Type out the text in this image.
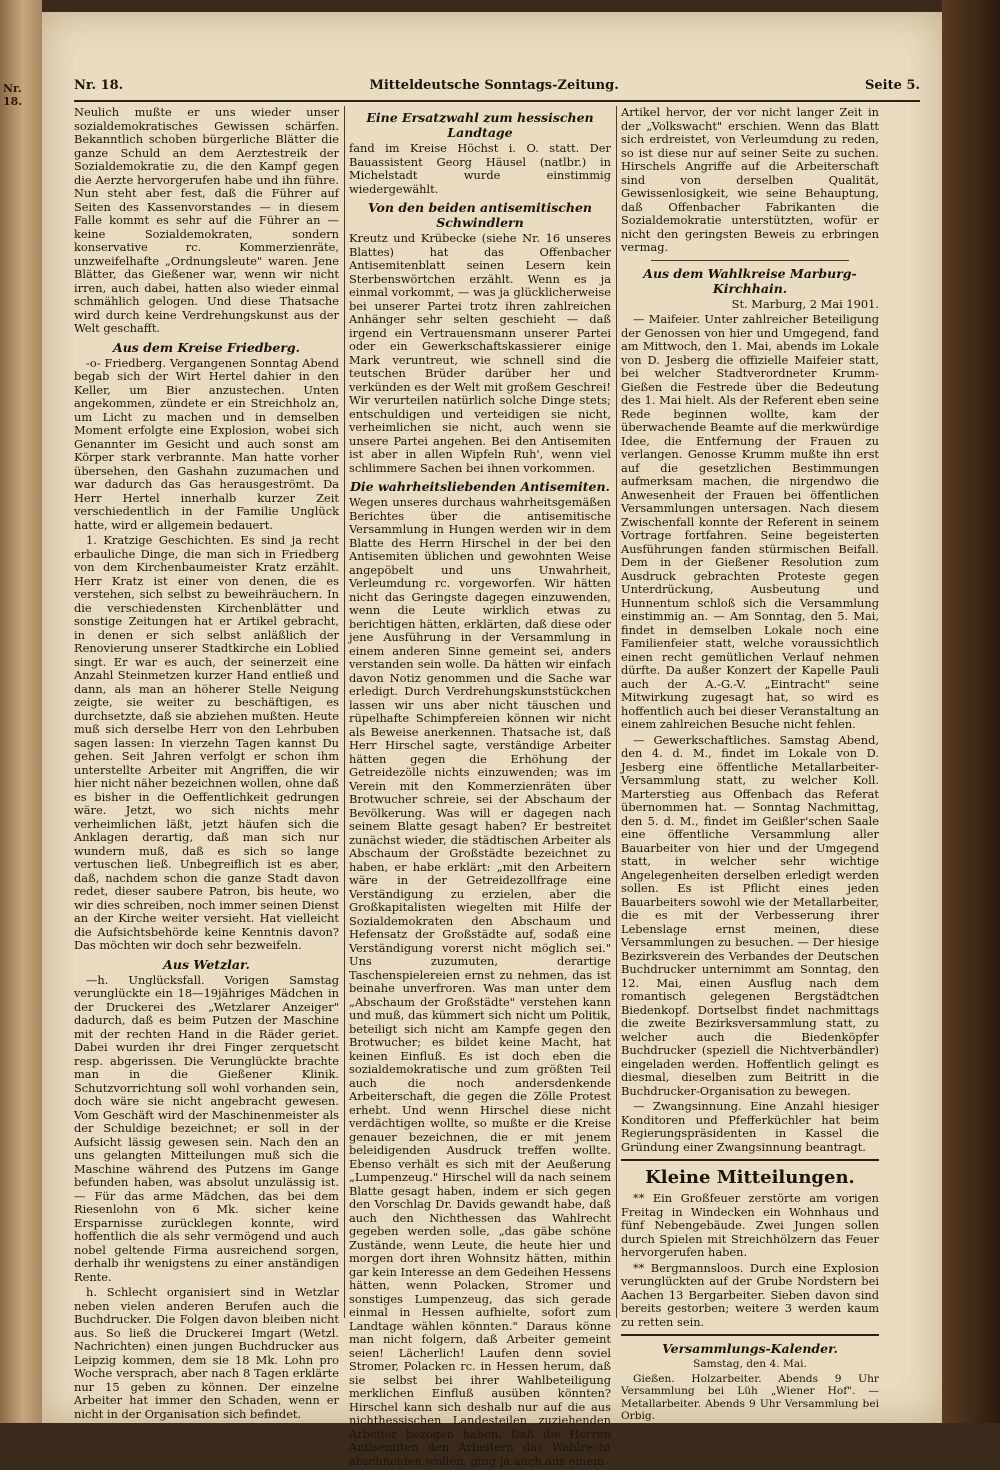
Nr. 18.
Nr. 18.	Mitteldeutsche Sonntags-Zeitung.	Seite 5.

Neulich mußte er uns wieder unser sozialdemokratisches Gewissen schärfen. Bekanntlich schoben bürgerliche Blätter die ganze Schuld an dem Aerztestreik der Sozialdemokratie zu, die den Kampf gegen die Aerzte hervorgerufen habe und ihn führe. Nun steht aber fest, daß die Führer auf Seiten des Kassenvorstandes — in diesem Falle kommt es sehr auf die Führer an — keine Sozialdemokraten, sondern konservative rc. Kommerzienräte, unzweifelhafte „Ordnungsleute" waren. Jene Blätter, das Gießener war, wenn wir nicht irren, auch dabei, hatten also wieder einmal schmählich gelogen. Und diese Thatsache wird durch keine Verdrehungskunst aus der Welt geschafft.

Aus dem Kreise Friedberg.

-o- Friedberg. Vergangenen Sonntag Abend begab sich der Wirt Hertel dahier in den Keller, um Bier anzustechen. Unten angekommen, zündete er ein Streichholz an, um Licht zu machen und in demselben Moment erfolgte eine Explosion, wobei sich Genannter im Gesicht und auch sonst am Körper stark verbrannte. Man hatte vorher übersehen, den Gashahn zuzumachen und war dadurch das Gas herausgeströmt. Da Herr Hertel innerhalb kurzer Zeit verschiedentlich in der Familie Unglück hatte, wird er allgemein bedauert.

1. Kratzige Geschichten. Es sind ja recht erbauliche Dinge, die man sich in Friedberg von dem Kirchenbaumeister Kratz erzählt. Herr Kratz ist einer von denen, die es verstehen, sich selbst zu beweihräuchern. In die verschiedensten Kirchenblätter und sonstige Zeitungen hat er Artikel gebracht, in denen er sich selbst anläßlich der Renovierung unserer Stadtkirche ein Loblied singt. Er war es auch, der seinerzeit eine Anzahl Steinmetzen kurzer Hand entließ und dann, als man an höherer Stelle Neigung zeigte, sie weiter zu beschäftigen, es durchsetzte, daß sie abziehen mußten. Heute muß sich derselbe Herr von den Lehrbuben sagen lassen: In vierzehn Tagen kannst Du gehen. Seit Jahren verfolgt er schon ihm unterstellte Arbeiter mit Angriffen, die wir hier nicht näher bezeichnen wollen, ohne daß es bisher in die Oeffentlichkeit gedrungen wäre. Jetzt, wo sich nichts mehr verheimlichen läßt, jetzt häufen sich die Anklagen derartig, daß man sich nur wundern muß, daß es sich so lange vertuschen ließ. Unbegreiflich ist es aber, daß, nachdem schon die ganze Stadt davon redet, dieser saubere Patron, bis heute, wo wir dies schreiben, noch immer seinen Dienst an der Kirche weiter versieht. Hat vielleicht die Aufsichtsbehörde keine Kenntnis davon? Das möchten wir doch sehr bezweifeln.

Aus Wetzlar.

—h. Unglücksfall. Vorigen Samstag verunglückte ein 18—19jähriges Mädchen in der Druckerei des „Wetzlarer Anzeiger" dadurch, daß es beim Putzen der Maschine mit der rechten Hand in die Räder geriet. Dabei wurden ihr drei Finger zerquetscht resp. abgerissen. Die Verunglückte brachte man in die Gießener Klinik. Schutzvorrichtung soll wohl vorhanden sein, doch wäre sie nicht angebracht gewesen. Vom Geschäft wird der Maschinenmeister als der Schuldige bezeichnet; er soll in der Aufsicht lässig gewesen sein. Nach den an uns gelangten Mitteilungen muß sich die Maschine während des Putzens im Gange befunden haben, was absolut unzulässig ist. — Für das arme Mädchen, das bei dem Riesenlohn von 6 Mk. sicher keine Ersparnisse zurücklegen konnte, wird hoffentlich die als sehr vermögend und auch nobel geltende Firma ausreichend sorgen, derhalb ihr wenigstens zu einer anständigen Rente.

h. Schlecht organisiert sind in Wetzlar neben vielen anderen Berufen auch die Buchdrucker. Die Folgen davon bleiben nicht aus. So ließ die Druckerei Imgart (Wetzl. Nachrichten) einen jungen Buchdrucker aus Leipzig kommen, dem sie 18 Mk. Lohn pro Woche versprach, aber nach 8 Tagen erklärte nur 15 geben zu können. Der einzelne Arbeiter hat immer den Schaden, wenn er nicht in der Organisation sich befindet.

Eine Ersatzwahl zum hessischen Landtage

fand im Kreise Höchst i. O. statt. Der Bauassistent Georg Häusel (natlbr.) in Michelstadt wurde einstimmig wiedergewählt.

Von den beiden antisemitischen Schwindlern

Kreutz und Krübecke (siehe Nr. 16 unseres Blattes) hat das Offenbacher Antisemitenblatt seinen Lesern kein Sterbenswörtchen erzählt. Wenn es ja einmal vorkommt, — was ja glücklicherweise bei unserer Partei trotz ihren zahlreichen Anhänger sehr selten geschieht — daß irgend ein Vertrauensmann unserer Partei oder ein Gewerkschaftskassierer einige Mark veruntreut, wie schnell sind die teutschen Brüder darüber her und verkünden es der Welt mit großem Geschrei! Wir verurteilen natürlich solche Dinge stets; entschuldigen und verteidigen sie nicht, verheimlichen sie nicht, auch wenn sie unsere Partei angehen. Bei den Antisemiten ist aber in allen Wipfeln Ruh', wenn viel schlimmere Sachen bei ihnen vorkommen.

Die wahrheitsliebenden Antisemiten.

Wegen unseres durchaus wahrheitsgemäßen Berichtes über die antisemitische Versammlung in Hungen werden wir in dem Blatte des Herrn Hirschel in der bei den Antisemiten üblichen und gewohnten Weise angepöbelt und uns Unwahrheit, Verleumdung rc. vorgeworfen. Wir hätten nicht das Geringste dagegen einzuwenden, wenn die Leute wirklich etwas zu berichtigen hätten, erklärten, daß diese oder jene Ausführung in der Versammlung in einem anderen Sinne gemeint sei, anders verstanden sein wolle. Da hätten wir einfach davon Notiz genommen und die Sache war erledigt. Durch Verdrehungskunststückchen lassen wir uns aber nicht täuschen und rüpelhafte Schimpfereien können wir nicht als Beweise anerkennen. Thatsache ist, daß Herr Hirschel sagte, verständige Arbeiter hätten gegen die Erhöhung der Getreidezölle nichts einzuwenden; was im Verein mit den Kommerzienräten über Brotwucher schreie, sei der Abschaum der Bevölkerung. Was will er dagegen nach seinem Blatte gesagt haben? Er bestreitet zunächst wieder, die städtischen Arbeiter als Abschaum der Großstädte bezeichnet zu haben, er habe erklärt: „mit den Arbeitern wäre in der Getreidezollfrage eine Verständigung zu erzielen, aber die Großkapitalisten wiegelten mit Hilfe der Sozialdemokraten den Abschaum und Hefensatz der Großstädte auf, sodaß eine Verständigung vorerst nicht möglich sei." Uns zuzumuten, derartige Taschenspielereien ernst zu nehmen, das ist beinahe unverfroren. Was man unter dem „Abschaum der Großstädte" verstehen kann und muß, das kümmert sich nicht um Politik, beteiligt sich nicht am Kampfe gegen den Brotwucher; es bildet keine Macht, hat keinen Einfluß. Es ist doch eben die sozialdemokratische und zum größten Teil auch die noch andersdenkende Arbeiterschaft, die gegen die Zölle Protest erhebt. Und wenn Hirschel diese nicht verdächtigen wollte, so mußte er die Kreise genauer bezeichnen, die er mit jenem beleidigenden Ausdruck treffen wollte. Ebenso verhält es sich mit der Aeußerung „Lumpenzeug." Hirschel will da nach seinem Blatte gesagt haben, indem er sich gegen den Vorschlag Dr. Davids gewandt habe, daß auch den Nichthessen das Wahlrecht gegeben werden solle, „das gäbe schöne Zustände, wenn Leute, die heute hier und morgen dort ihren Wohnsitz hätten, mithin gar kein Interesse an dem Gedeihen Hessens hätten, wenn Polacken, Stromer und sonstiges Lumpenzeug, das sich gerade einmal in Hessen aufhielte, sofort zum Landtage wählen könnten." Daraus könne man nicht folgern, daß Arbeiter gemeint seien! Lächerlich! Laufen denn soviel Stromer, Polacken rc. in Hessen herum, daß sie selbst bei ihrer Wahlbeteiligung merklichen Einfluß ausüben könnten? Hirschel kann sich deshalb nur auf die aus nichthessischen Landesteilen zuziehenden Arbeiter bezogen haben. Daß die Herren Antisemiten den Arbeitern das Wahlrecht abschneiden wollen, ging ja auch aus einem

Artikel hervor, der vor nicht langer Zeit in der „Volkswacht" erschien. Wenn das Blatt sich erdreistet, von Verleumdung zu reden, so ist diese nur auf seiner Seite zu suchen. Hirschels Angriffe auf die Arbeiterschaft sind von derselben Qualität, Gewissenlosigkeit, wie seine Behauptung, daß Offenbacher Fabrikanten die Sozialdemokratie unterstützten, wofür er nicht den geringsten Beweis zu erbringen vermag.

Aus dem Wahlkreise Marburg-Kirchhain.
St. Marburg, 2 Mai 1901.

— Maifeier. Unter zahlreicher Beteiligung der Genossen von hier und Umgegend, fand am Mittwoch, den 1. Mai, abends im Lokale von D. Jesberg die offizielle Maifeier statt, bei welcher Stadtverordneter Krumm-Gießen die Festrede über die Bedeutung des 1. Mai hielt. Als der Referent eben seine Rede beginnen wollte, kam der überwachende Beamte auf die merkwürdige Idee, die Entfernung der Frauen zu verlangen. Genosse Krumm mußte ihn erst auf die gesetzlichen Bestimmungen aufmerksam machen, die nirgendwo die Anwesenheit der Frauen bei öffentlichen Versammlungen untersagen. Nach diesem Zwischenfall konnte der Referent in seinem Vortrage fortfahren. Seine begeisterten Ausführungen fanden stürmischen Beifall. Dem in der Gießener Resolution zum Ausdruck gebrachten Proteste gegen Unterdrückung, Ausbeutung und Hunnentum schloß sich die Versammlung einstimmig an. — Am Sonntag, den 5. Mai, findet in demselben Lokale noch eine Familienfeier statt, welche voraussichtlich einen recht gemütlichen Verlauf nehmen dürfte. Da außer Konzert der Kapelle Pauli auch der A.-G.-V. „Eintracht" seine Mitwirkung zugesagt hat, so wird es hoffentlich auch bei dieser Veranstaltung an einem zahlreichen Besuche nicht fehlen.

— Gewerkschaftliches. Samstag Abend, den 4. d. M., findet im Lokale von D. Jesberg eine öffentliche Metallarbeiter-Versammlung statt, zu welcher Koll. Marterstieg aus Offenbach das Referat übernommen hat. — Sonntag Nachmittag, den 5. d. M., findet im Geißler'schen Saale eine öffentliche Versammlung aller Bauarbeiter von hier und der Umgegend statt, in welcher sehr wichtige Angelegenheiten derselben erledigt werden sollen. Es ist Pflicht eines jeden Bauarbeiters sowohl wie der Metallarbeiter, die es mit der Verbesserung ihrer Lebenslage ernst meinen, diese Versammlungen zu besuchen. — Der hiesige Bezirksverein des Verbandes der Deutschen Buchdrucker unternimmt am Sonntag, den 12. Mai, einen Ausflug nach dem romantisch gelegenen Bergstädtchen Biedenkopf. Dortselbst findet nachmittags die zweite Bezirksversammlung statt, zu welcher auch die Biedenköpfer Buchdrucker (speziell die Nichtverbändler) eingeladen werden. Hoffentlich gelingt es diesmal, dieselben zum Beitritt in die Buchdrucker-Organisation zu bewegen.

— Zwangsinnung. Eine Anzahl hiesiger Konditoren und Pfefferküchler hat beim Regierungspräsidenten in Kassel die Gründung einer Zwangsinnung beantragt.

Kleine Mitteilungen.

** Ein Großfeuer zerstörte am vorigen Freitag in Windecken ein Wohnhaus und fünf Nebengebäude. Zwei Jungen sollen durch Spielen mit Streichhölzern das Feuer hervorgerufen haben.

** Bergmannsloos. Durch eine Explosion verunglückten auf der Grube Nordstern bei Aachen 13 Bergarbeiter. Sieben davon sind bereits gestorben; weitere 3 werden kaum zu retten sein.

Versammlungs-Kalender.

Samstag, den 4. Mai.

Gießen. Holzarbeiter. Abends 9 Uhr Versammlung bei Lüh „Wiener Hof". — Metallarbeiter. Abends 9 Uhr Versammlung bei Orbig.
